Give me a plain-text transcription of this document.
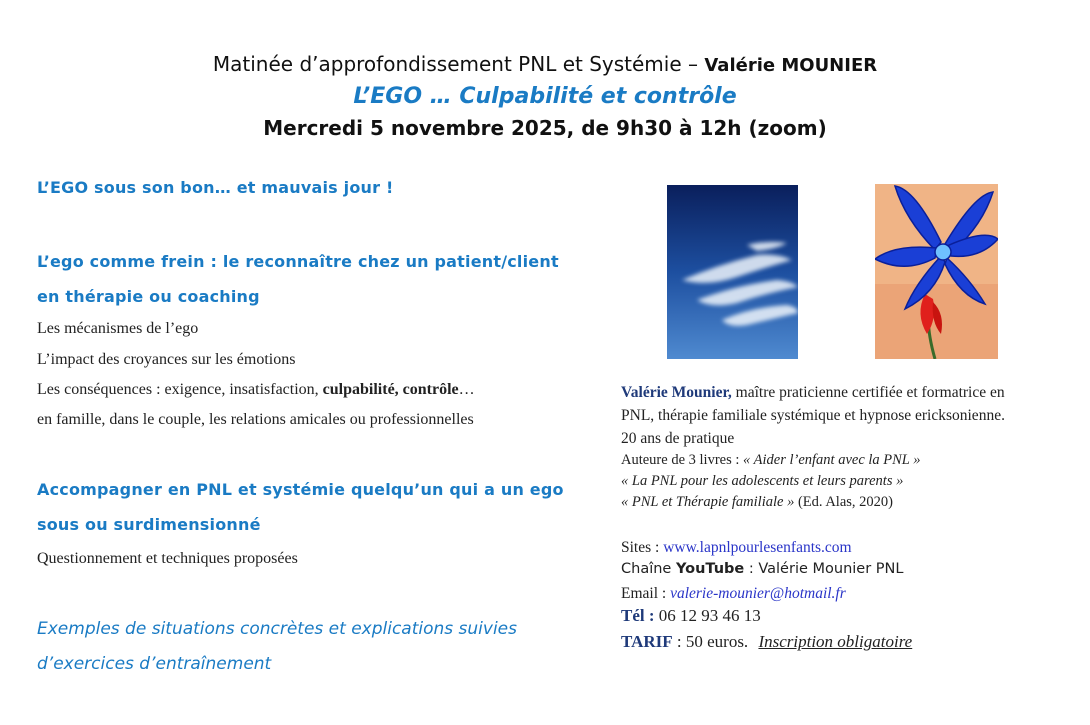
Matinée d’approfondissement PNL et Systémie – Valérie MOUNIER
L’EGO … Culpabilité et contrôle
Mercredi 5 novembre 2025, de 9h30 à 12h (zoom)
L’EGO sous son bon… et mauvais jour !
L’ego comme frein : le reconnaître chez un patient/client
en thérapie ou coaching
Les mécanismes de l’ego
L’impact des croyances sur les émotions
Les conséquences : exigence, insatisfaction, culpabilité, contrôle…
en famille, dans le couple, les relations amicales ou professionnelles
Accompagner en PNL et systémie quelqu’un qui a un ego
sous ou surdimensionné
Questionnement et techniques proposées
Exemples de situations concrètes et explications suivies
d’exercices d’entraînement
Valérie Mounier, maître praticienne certifiée et formatrice en
PNL, thérapie familiale systémique et hypnose ericksonienne.
20 ans de pratique
Auteure de 3 livres : « Aider l’enfant avec la PNL »
« La PNL pour les adolescents et leurs parents »
« PNL et Thérapie familiale » (Ed. Alas, 2020)
Sites : www.lapnlpourlesenfants.com
Chaîne YouTube : Valérie Mounier PNL
Email : valerie-mounier@hotmail.fr
Tél : 06 12 93 46 13
TARIF : 50 euros. Inscription obligatoire
